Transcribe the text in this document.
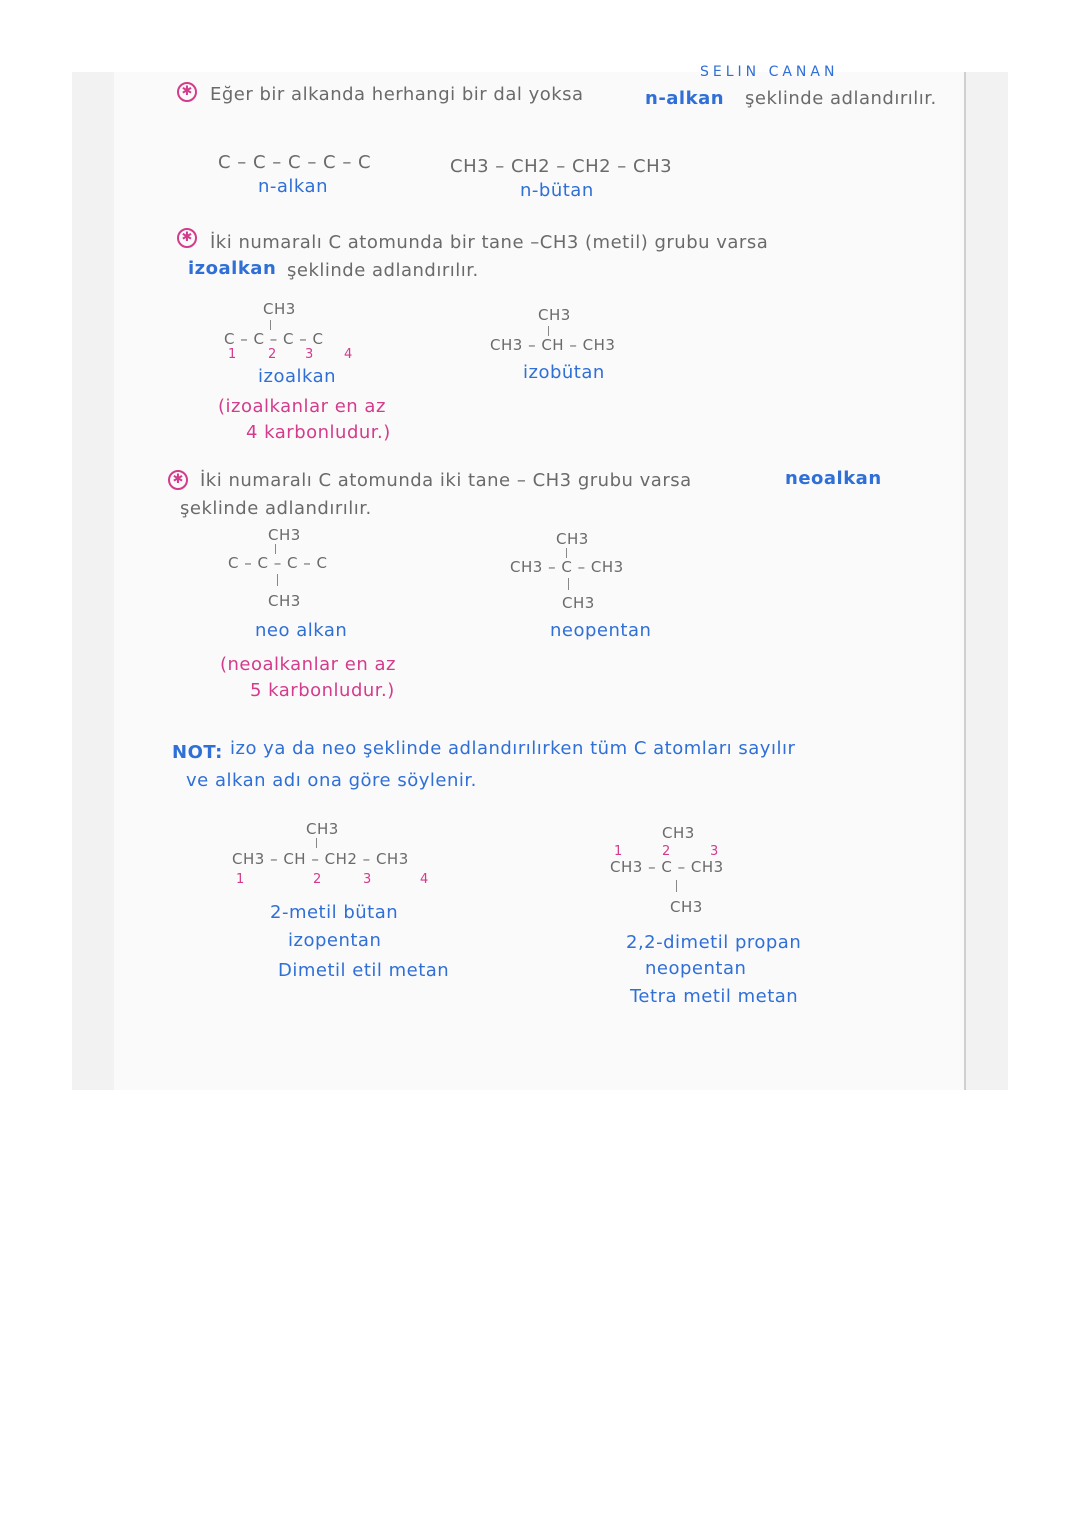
SELIN CANAN
✱ Eğer bir alkanda herhangi bir dal yoksa	n-alkan şeklinde adlandırılır.
C – C – C – C – C
n-alkan
CH3 – CH2 – CH2 – CH3
n-bütan
✱ İki numaralı C atomunda bir tane –CH3 (metil) grubu varsa
izoalkan şeklinde adlandırılır.
CH3
C – C – C – C
1 2 3 4
izoalkan
(izoalkanlar en az
4 karbonludur.)
CH3
CH3 – CH – CH3
izobütan
✱ İki numaralı C atomunda iki tane – CH3 grubu varsa	neoalkan
şeklinde adlandırılır.
CH3
C – C – C – C
CH3
neo alkan
(neoalkanlar en az
5 karbonludur.)
CH3
CH3 – C – CH3
CH3
neopentan
NOT: izo ya da neo şeklinde adlandırılırken tüm C atomları sayılır
ve alkan adı ona göre söylenir.
CH3
CH3 – CH – CH2 – CH3
1	2	3	4
2-metil bütan
izopentan
Dimetil etil metan
CH3
1	2	3
CH3 – C – CH3
CH3
2,2-dimetil propan
neopentan
Tetra metil metan
